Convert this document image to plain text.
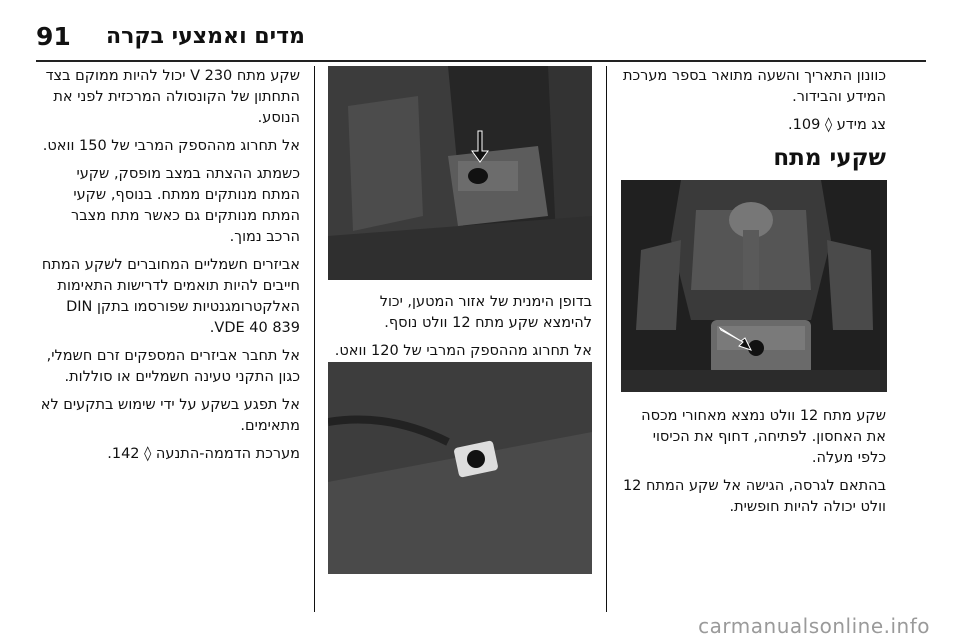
91 מדים ואמצעי בקרה

כוונון התאריך והשעה מתואר בספר מערכת המידע והבידור.

צג מידע ◊ 109.

שקעי מתח

שקע מתח 12 וולט נמצא מאחורי מכסה את האחסון. לפתיחה, דחוף את הכיסוי כלפי מעלה.

בהתאם לגרסה, הגישה אל שקע המתח 12 וולט יכולה להיות חופשית.

בדופן הימנית של אזור המטען, יכול להימצא שקע מתח 12 וולט נוסף.

אל תחרוג מההספק המרבי של 120 וואט.

שקע מתח 230 V יכול להיות ממוקם בצד התחתון של הקונסולה המרכזית לפני את הנוסע.

אל תחרוג מההספק המרבי של 150 וואט.

כשמתג ההצתה במצב מופסק, שקעי המתח מנותקים ממתח. בנוסף, שקעי המתח מנותקים גם כאשר מתח מצבר הרכב נמוך.

אביזרים חשמליים המחוברים לשקע המתח חייבים להיות תואמים לדרישות התאימות האלקטרומגנטיות שפורסמו בתקן DIN VDE 40 839.

אל תחבר אביזרים המספקים זרם חשמלי, כגון התקני טעינה חשמליים או סוללות.

אל תפגע בשקע על ידי שימוש בתקעים לא מתאימים.

מערכת הדממה-התנעה ◊ 142.

carmanualsonline.info
